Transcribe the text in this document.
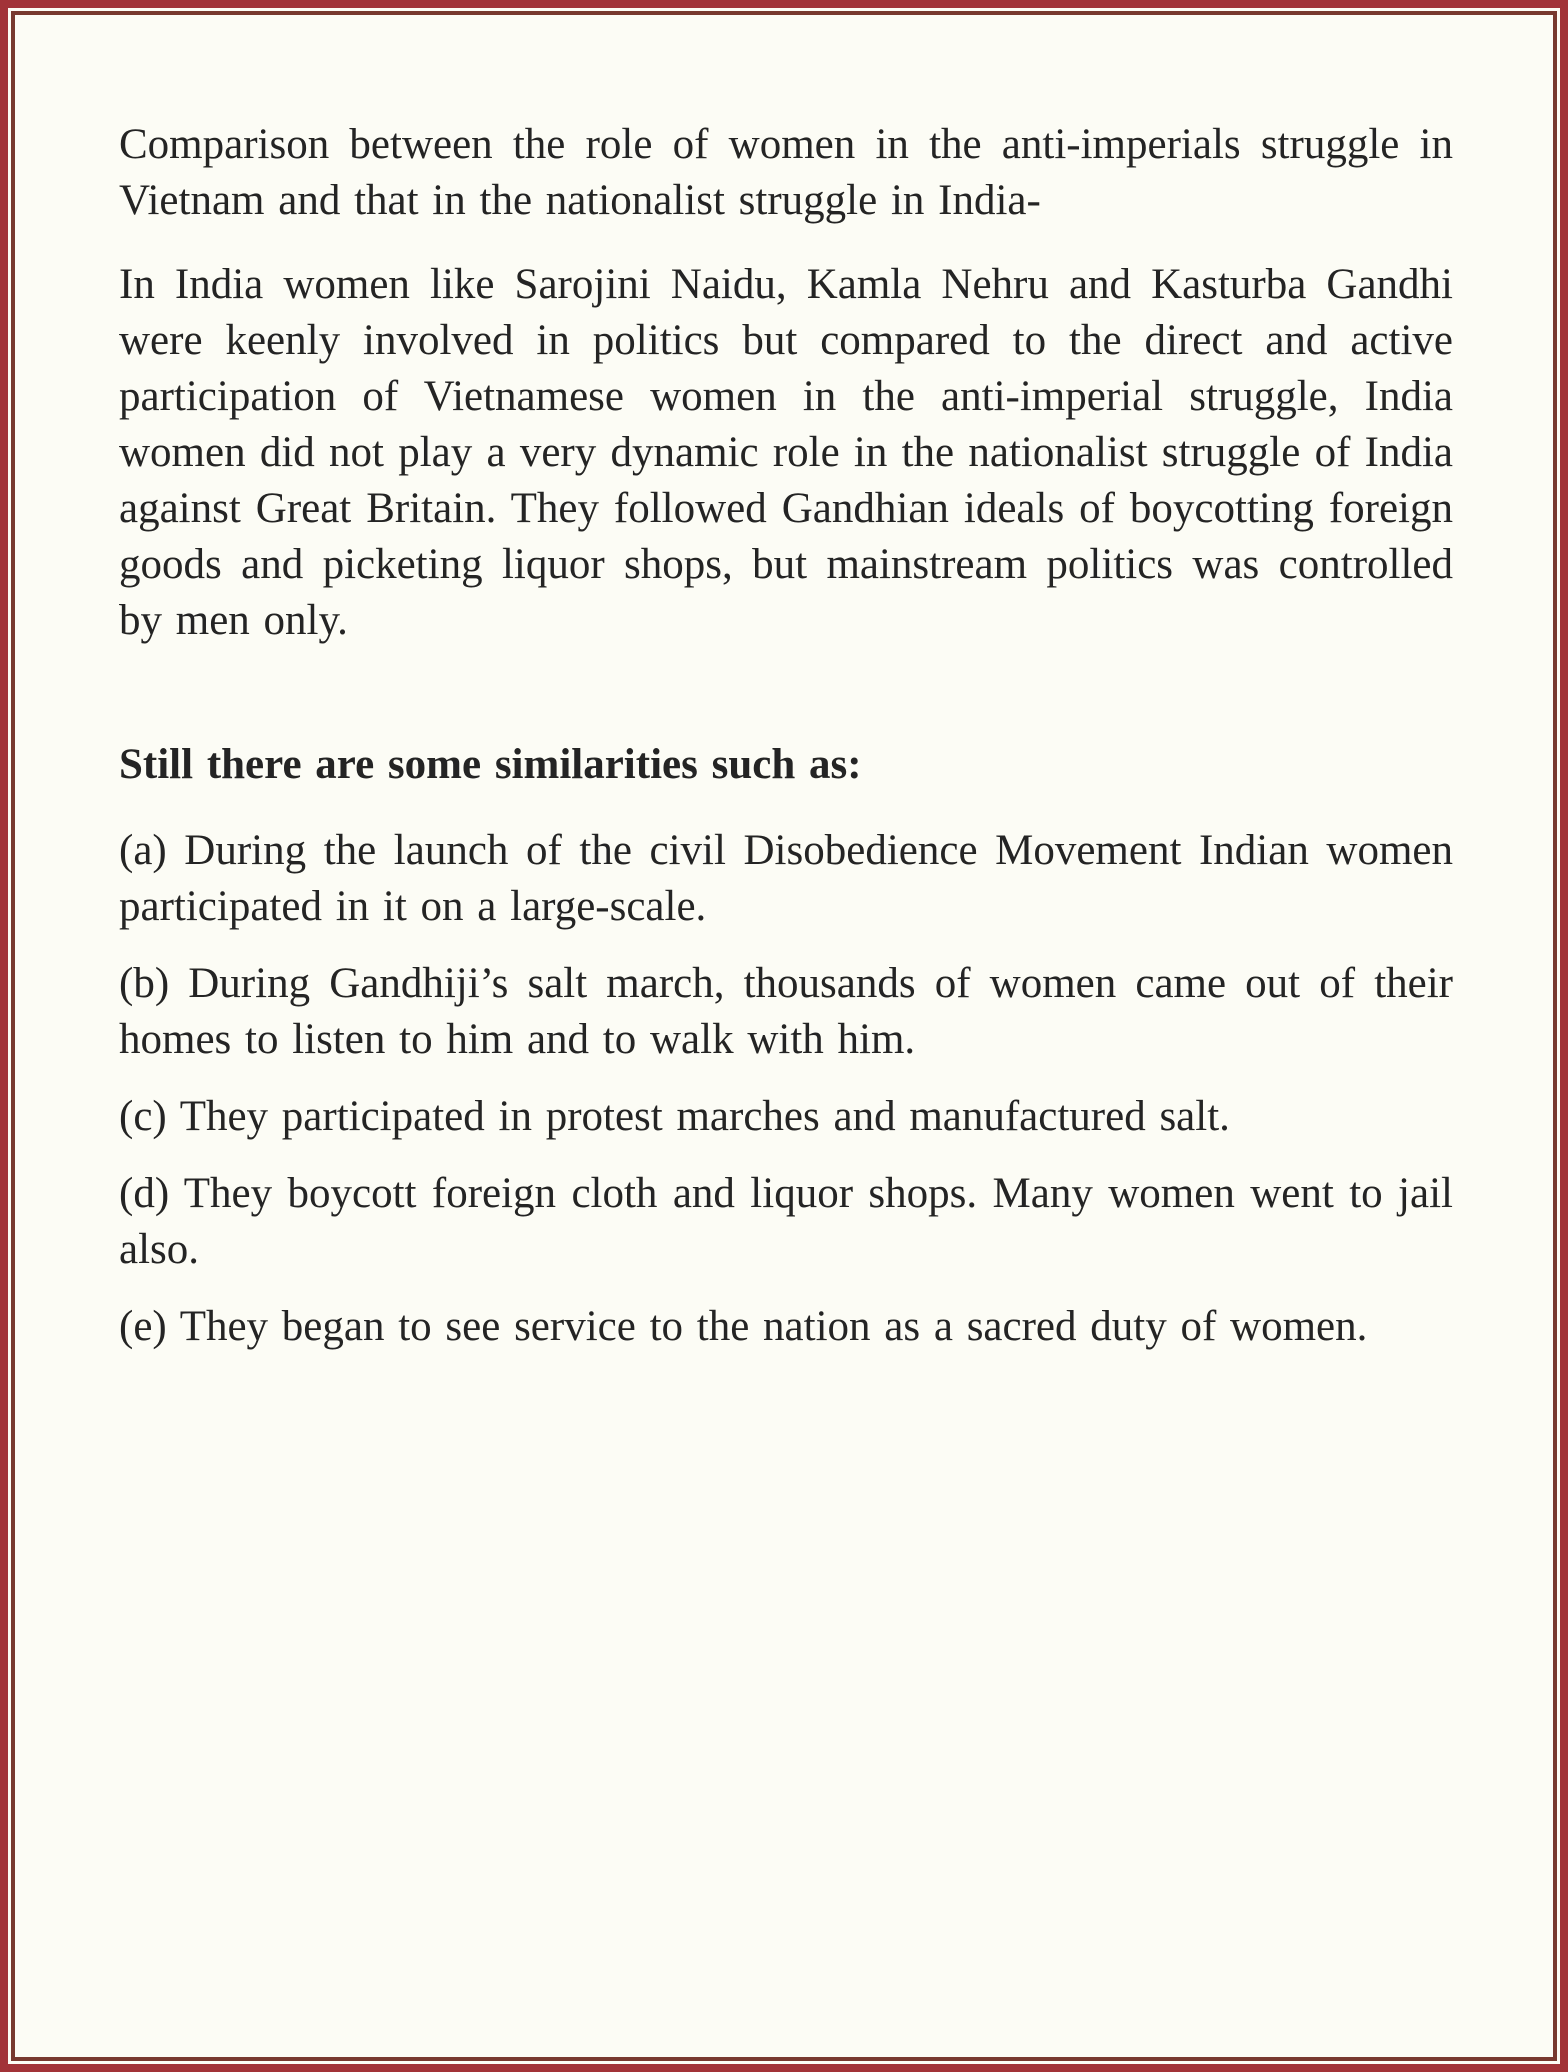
Comparison between the role of women in the anti-imperials struggle in Vietnam and that in the nationalist struggle in India-

In India women like Sarojini Naidu, Kamla Nehru and Kasturba Gandhi were keenly involved in politics but compared to the direct and active participation of Vietnamese women in the anti-imperial struggle, India women did not play a very dynamic role in the nationalist struggle of India against Great Britain. They followed Gandhian ideals of boycotting foreign goods and picketing liquor shops, but mainstream politics was controlled by men only.

Still there are some similarities such as:

(a) During the launch of the civil Disobedience Movement Indian women participated in it on a large-scale.

(b) During Gandhiji’s salt march, thousands of women came out of their homes to listen to him and to walk with him.

(c) They participated in protest marches and manufactured salt.

(d) They boycott foreign cloth and liquor shops. Many women went to jail also.

(e) They began to see service to the nation as a sacred duty of women.
